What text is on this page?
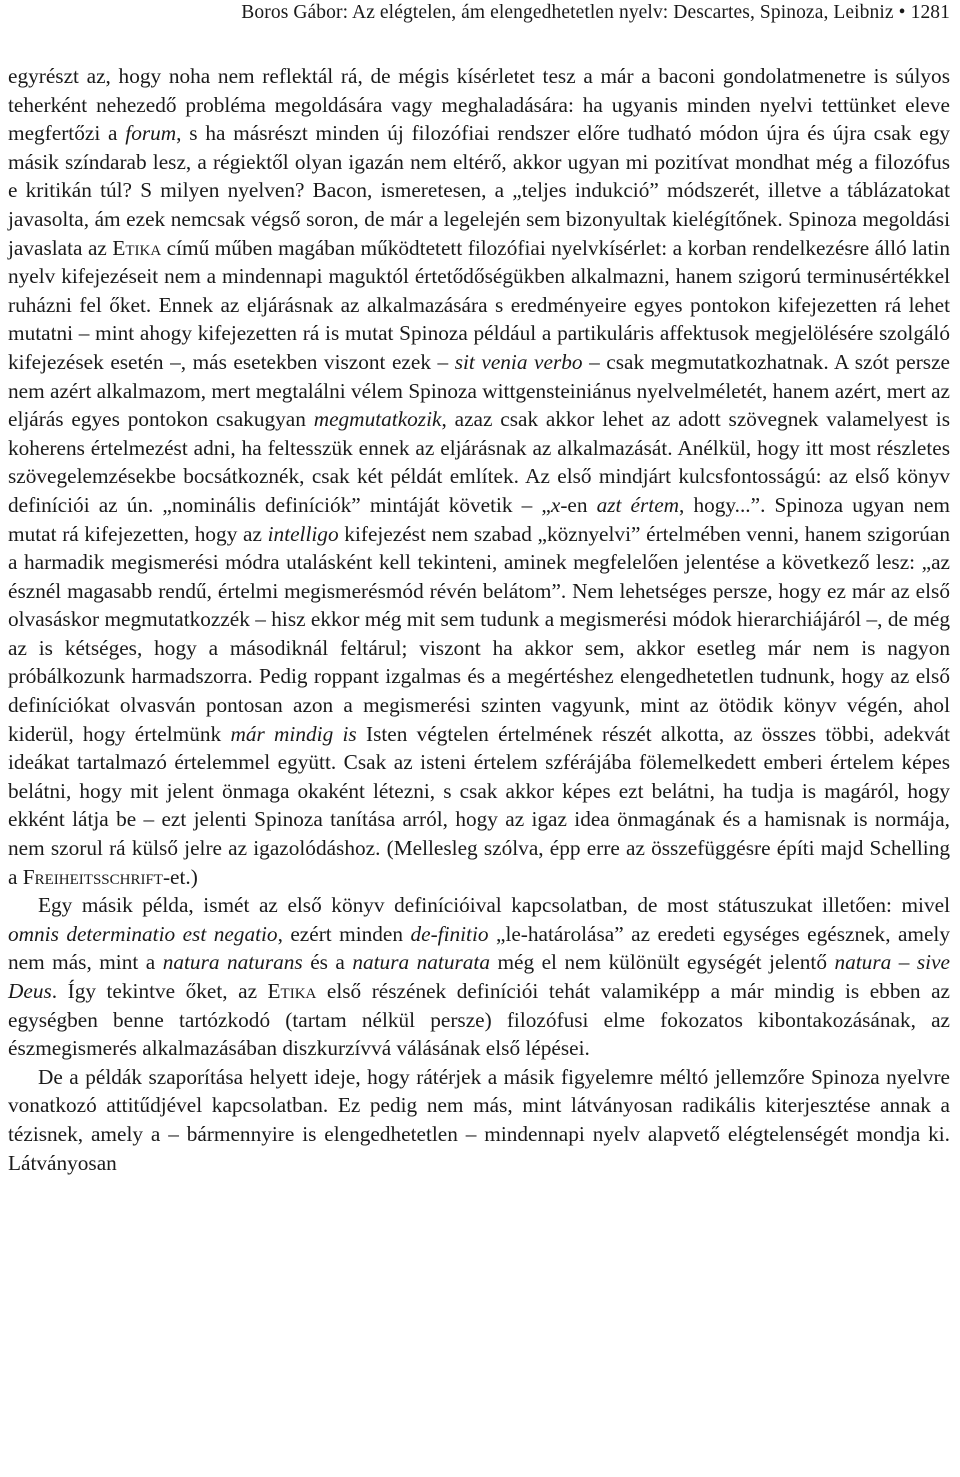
Boros Gábor: Az elégtelen, ám elengedhetetlen nyelv: Descartes, Spinoza, Leibniz • 1281

egyrészt az, hogy noha nem reflektál rá, de mégis kísérletet tesz a már a baconi gondolatmenetre is súlyos teherként nehezedő probléma megoldására vagy meghaladására: ha ugyanis minden nyelvi tettünket eleve megfertőzi a forum, s ha másrészt minden új filozófiai rendszer előre tudható módon újra és újra csak egy másik színdarab lesz, a régiektől olyan igazán nem eltérő, akkor ugyan mi pozitívat mondhat még a filozófus e kritikán túl? S milyen nyelven? Bacon, ismeretesen, a „teljes indukció” módszerét, illetve a táblázatokat javasolta, ám ezek nemcsak végső soron, de már a legelején sem bizonyultak kielégítőnek. Spinoza megoldási javaslata az Etika című műben magában működtetett filozófiai nyelvkísérlet: a korban rendelkezésre álló latin nyelv kifejezéseit nem a mindennapi maguktól értetődőségükben alkalmazni, hanem szigorú terminusértékkel ruházni fel őket. Ennek az eljárásnak az alkalmazására s eredményeire egyes pontokon kifejezetten rá lehet mutatni – mint ahogy kifejezetten rá is mutat Spinoza például a partikuláris affektusok megjelölésére szolgáló kifejezések esetén –, más esetekben viszont ezek – sit venia verbo – csak megmutatkozhatnak. A szót persze nem azért alkalmazom, mert megtalálni vélem Spinoza wittgensteiniánus nyelvelméletét, hanem azért, mert az eljárás egyes pontokon csakugyan megmutatkozik, azaz csak akkor lehet az adott szövegnek valamelyest is koherens értelmezést adni, ha feltesszük ennek az eljárásnak az alkalmazását. Anélkül, hogy itt most részletes szövegelemzésekbe bocsátkoznék, csak két példát említek. Az első mindjárt kulcsfontosságú: az első könyv definíciói az ún. „nominális definíciók” mintáját követik – „x-en azt értem, hogy...”. Spinoza ugyan nem mutat rá kifejezetten, hogy az intelligo kifejezést nem szabad „köznyelvi” értelmében venni, hanem szigorúan a harmadik megismerési módra utalásként kell tekinteni, aminek megfelelően jelentése a következő lesz: „az észnél magasabb rendű, értelmi megismerésmód révén belátom”. Nem lehetséges persze, hogy ez már az első olvasáskor megmutatkozzék – hisz ekkor még mit sem tudunk a megismerési módok hierarchiájáról –, de még az is kétséges, hogy a másodiknál feltárul; viszont ha akkor sem, akkor esetleg már nem is nagyon próbálkozunk harmadszorra. Pedig roppant izgalmas és a megértéshez elengedhetetlen tudnunk, hogy az első definíciókat olvasván pontosan azon a megismerési szinten vagyunk, mint az ötödik könyv végén, ahol kiderül, hogy értelmünk már mindig is Isten végtelen értelmének részét alkotta, az összes többi, adekvát ideákat tartalmazó értelemmel együtt. Csak az isteni értelem szférájába fölemelkedett emberi értelem képes belátni, hogy mit jelent önmaga okaként létezni, s csak akkor képes ezt belátni, ha tudja is magáról, hogy ekként látja be – ezt jelenti Spinoza tanítása arról, hogy az igaz idea önmagának és a hamisnak is normája, nem szorul rá külső jelre az igazolódáshoz. (Mellesleg szólva, épp erre az összefüggésre építi majd Schelling a Freiheitsschrift-et.)

Egy másik példa, ismét az első könyv definícióival kapcsolatban, de most státuszukat illetően: mivel omnis determinatio est negatio, ezért minden de-finitio „le-határolása” az eredeti egységes egésznek, amely nem más, mint a natura naturans és a natura naturata még el nem különült egységét jelentő natura – sive Deus. Így tekintve őket, az Etika első részének definíciói tehát valamiképp a már mindig is ebben az egységben benne tartózkodó (tartam nélkül persze) filozófusi elme fokozatos kibontakozásának, az észmegismerés alkalmazásában diszkurzívvá válásának első lépései.

De a példák szaporítása helyett ideje, hogy rátérjek a másik figyelemre méltó jellemzőre Spinoza nyelvre vonatkozó attitűdjével kapcsolatban. Ez pedig nem más, mint látványosan radikális kiterjesztése annak a tézisnek, amely a – bármennyire is elengedhetetlen – mindennapi nyelv alapvető elégtelenségét mondja ki. Látványosan
